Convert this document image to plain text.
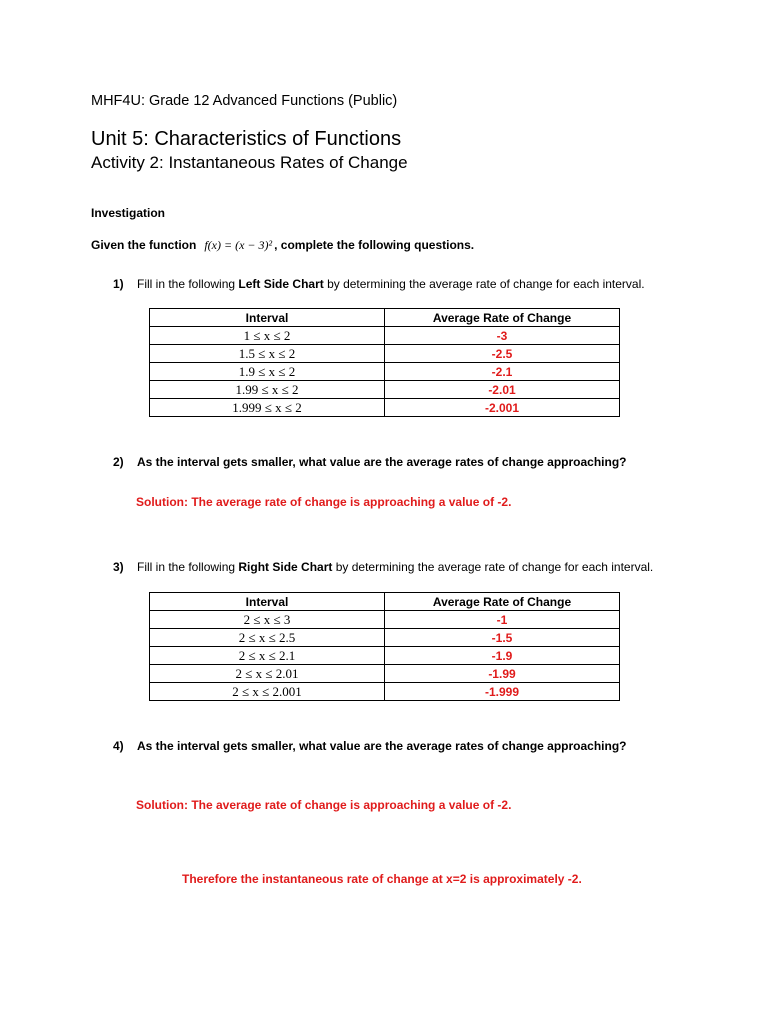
MHF4U: Grade 12 Advanced Functions (Public)
Unit 5: Characteristics of Functions
Activity 2: Instantaneous Rates of Change
Investigation
Given the function f(x) = (x − 3)² , complete the following questions.
1) Fill in the following Left Side Chart by determining the average rate of change for each interval.
Interval	Average Rate of Change
1 ≤ x ≤ 2	-3
1.5 ≤ x ≤ 2	-2.5
1.9 ≤ x ≤ 2	-2.1
1.99 ≤ x ≤ 2	-2.01
1.999 ≤ x ≤ 2	-2.001
2) As the interval gets smaller, what value are the average rates of change approaching?
Solution: The average rate of change is approaching a value of -2.
3) Fill in the following Right Side Chart by determining the average rate of change for each interval.
Interval	Average Rate of Change
2 ≤ x ≤ 3	-1
2 ≤ x ≤ 2.5	-1.5
2 ≤ x ≤ 2.1	-1.9
2 ≤ x ≤ 2.01	-1.99
2 ≤ x ≤ 2.001	-1.999
4) As the interval gets smaller, what value are the average rates of change approaching?
Solution: The average rate of change is approaching a value of -2.
Therefore the instantaneous rate of change at x=2 is approximately -2.
